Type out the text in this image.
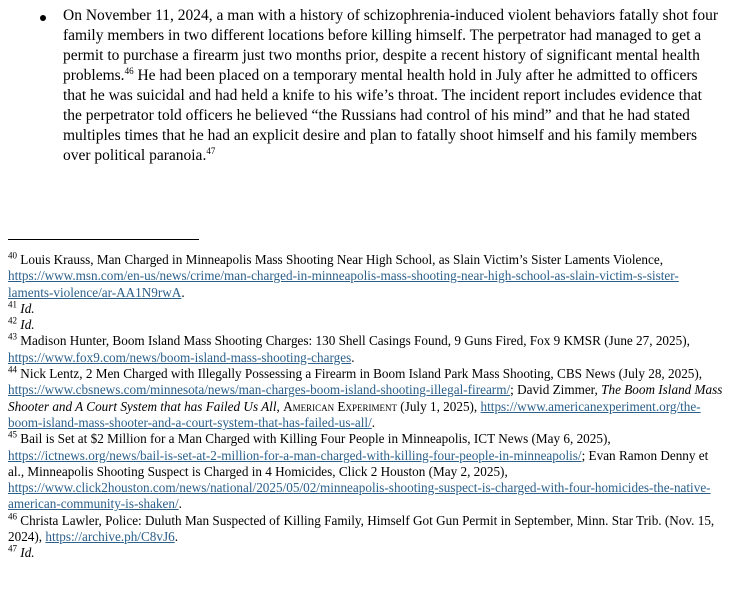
On November 11, 2024, a man with a history of schizophrenia-induced violent behaviors fatally shot four family members in two different locations before killing himself. The perpetrator had managed to get a permit to purchase a firearm just two months prior, despite a recent history of significant mental health problems.$^{46}$ He had been placed on a temporary mental health hold in July after he admitted to officers that he was suicidal and had held a knife to his wife’s throat. The incident report includes evidence that the perpetrator told officers he believed “the Russians had control of his mind” and that he had stated multiples times that he had an explicit desire and plan to fatally shoot himself and his family members over political paranoia.$^{47}$

$^{40}$ Louis Krauss, Man Charged in Minneapolis Mass Shooting Near High School, as Slain Victim’s Sister Laments Violence, https://www.msn.com/en-us/news/crime/man-charged-in-minneapolis-mass-shooting-near-high-school-as-slain-victim-s-sister-laments-violence/ar-AA1N9rwA.

$^{41}$ Id.

$^{42}$ Id.

$^{43}$ Madison Hunter, Boom Island Mass Shooting Charges: 130 Shell Casings Found, 9 Guns Fired, Fox 9 KMSR (June 27, 2025), https://www.fox9.com/news/boom-island-mass-shooting-charges.

$^{44}$ Nick Lentz, 2 Men Charged with Illegally Possessing a Firearm in Boom Island Park Mass Shooting, CBS News (July 28, 2025), https://www.cbsnews.com/minnesota/news/man-charges-boom-island-shooting-illegal-firearm/; David Zimmer, The Boom Island Mass Shooter and A Court System that has Failed Us All, American Experiment (July 1, 2025), https://www.americanexperiment.org/the-boom-island-mass-shooter-and-a-court-system-that-has-failed-us-all/.

$^{45}$ Bail is Set at $2 Million for a Man Charged with Killing Four People in Minneapolis, ICT News (May 6, 2025), https://ictnews.org/news/bail-is-set-at-2-million-for-a-man-charged-with-killing-four-people-in-minneapolis/; Evan Ramon Denny et al., Minneapolis Shooting Suspect is Charged in 4 Homicides, Click 2 Houston (May 2, 2025), https://www.click2houston.com/news/national/2025/05/02/minneapolis-shooting-suspect-is-charged-with-four-homicides-the-native-american-community-is-shaken/.

$^{46}$ Christa Lawler, Police: Duluth Man Suspected of Killing Family, Himself Got Gun Permit in September, Minn. Star Trib. (Nov. 15, 2024), https://archive.ph/C8vJ6.

$^{47}$ Id.
